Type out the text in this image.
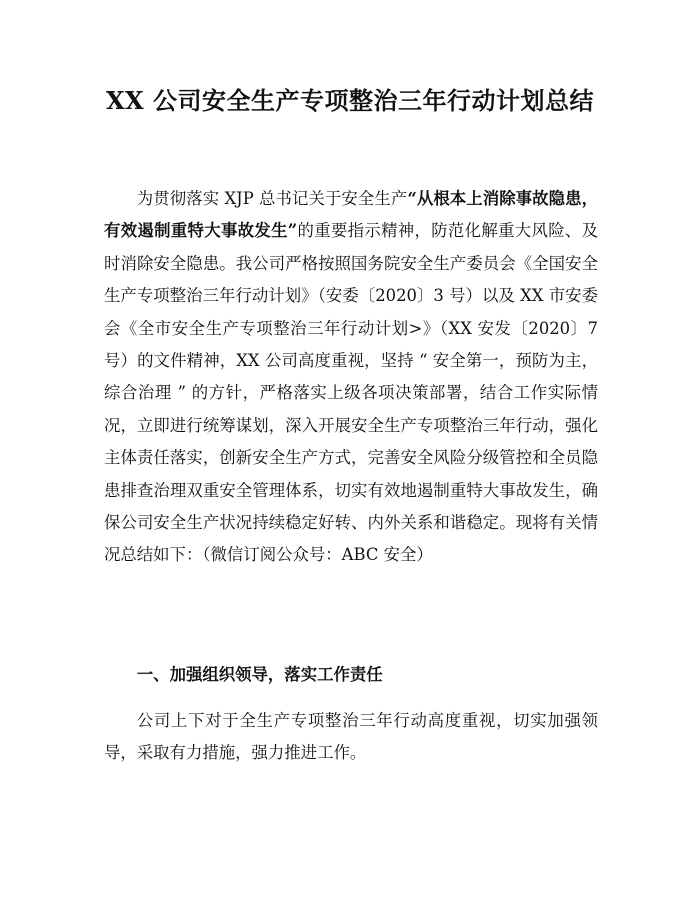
XX 公司安全生产专项整治三年行动计划总结

为贯彻落实 XJP 总书记关于安全生产“从根本上消除事故隐患，有效遏制重特大事故发生”的重要指示精神，防范化解重大风险、及时消除安全隐患。我公司严格按照国务院安全生产委员会《全国安全生产专项整治三年行动计划》（安委〔2020〕3 号）以及 XX 市安委会《全市安全生产专项整治三年行动计划>》（XX 安发〔2020〕7 号）的文件精神，XX 公司高度重视，坚持 “ 安全第一，预防为主，综合治理 ” 的方针，严格落实上级各项决策部署，结合工作实际情况，立即进行统筹谋划，深入开展安全生产专项整治三年行动，强化主体责任落实，创新安全生产方式，完善安全风险分级管控和全员隐患排查治理双重安全管理体系，切实有效地遏制重特大事故发生，确保公司安全生产状况持续稳定好转、内外关系和谐稳定。现将有关情况总结如下：（微信订阅公众号：ABC 安全）

一、加强组织领导，落实工作责任

公司上下对于全生产专项整治三年行动高度重视，切实加强领导，采取有力措施，强力推进工作。
